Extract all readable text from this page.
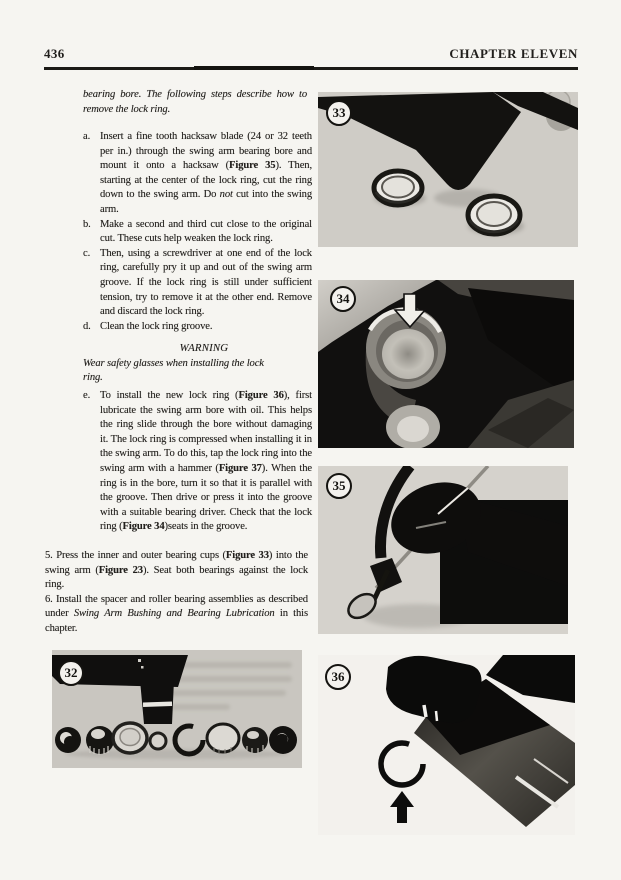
436	CHAPTER ELEVEN

bearing bore. The following steps describe how to remove the lock ring.

a. Insert a fine tooth hacksaw blade (24 or 32 teeth per in.) through the swing arm bearing bore and mount it onto a hacksaw (Figure 35). Then, starting at the center of the lock ring, cut the ring down to the swing arm. Do not cut into the swing arm.
b. Make a second and third cut close to the original cut. These cuts help weaken the lock ring.
c. Then, using a screwdriver at one end of the lock ring, carefully pry it up and out of the swing arm groove. If the lock ring is still under sufficient tension, try to remove it at the other end. Remove and discard the lock ring.
d. Clean the lock ring groove.

WARNING

Wear safety glasses when installing the lock ring.

e. To install the new lock ring (Figure 36), first lubricate the swing arm bore with oil. This helps the ring slide through the bore without damaging it. The lock ring is compressed when installing it in the swing arm. To do this, tap the lock ring into the swing arm with a hammer (Figure 37). When the ring is in the bore, turn it so that it is parallel with the groove. Then drive or press it into the groove with a suitable bearing driver. Check that the lock ring (Figure 34)seats in the groove.

5. Press the inner and outer bearing cups (Figure 33) into the swing arm (Figure 23). Seat both bearings against the lock ring.

6. Install the spacer and roller bearing assemblies as described under Swing Arm Bushing and Bearing Lubrication in this chapter.

33
34
35
36
32
